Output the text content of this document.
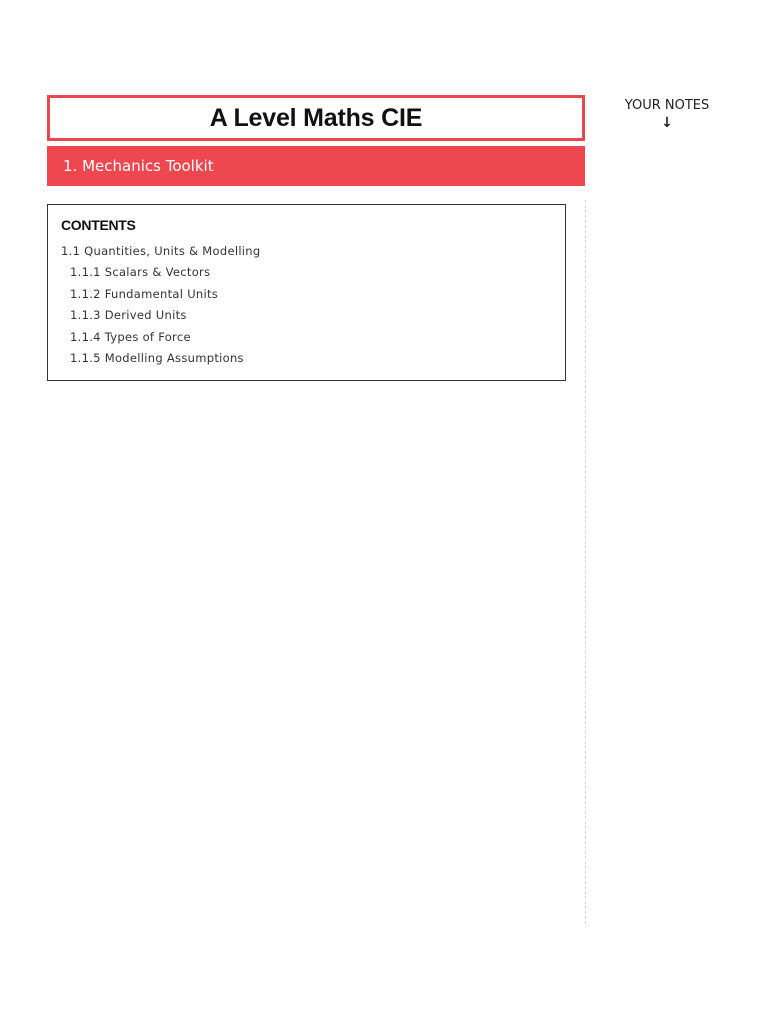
A Level Maths CIE
1. Mechanics Toolkit
YOUR NOTES
↓
CONTENTS
1.1 Quantities, Units & Modelling
1.1.1 Scalars & Vectors
1.1.2 Fundamental Units
1.1.3 Derived Units
1.1.4 Types of Force
1.1.5 Modelling Assumptions
